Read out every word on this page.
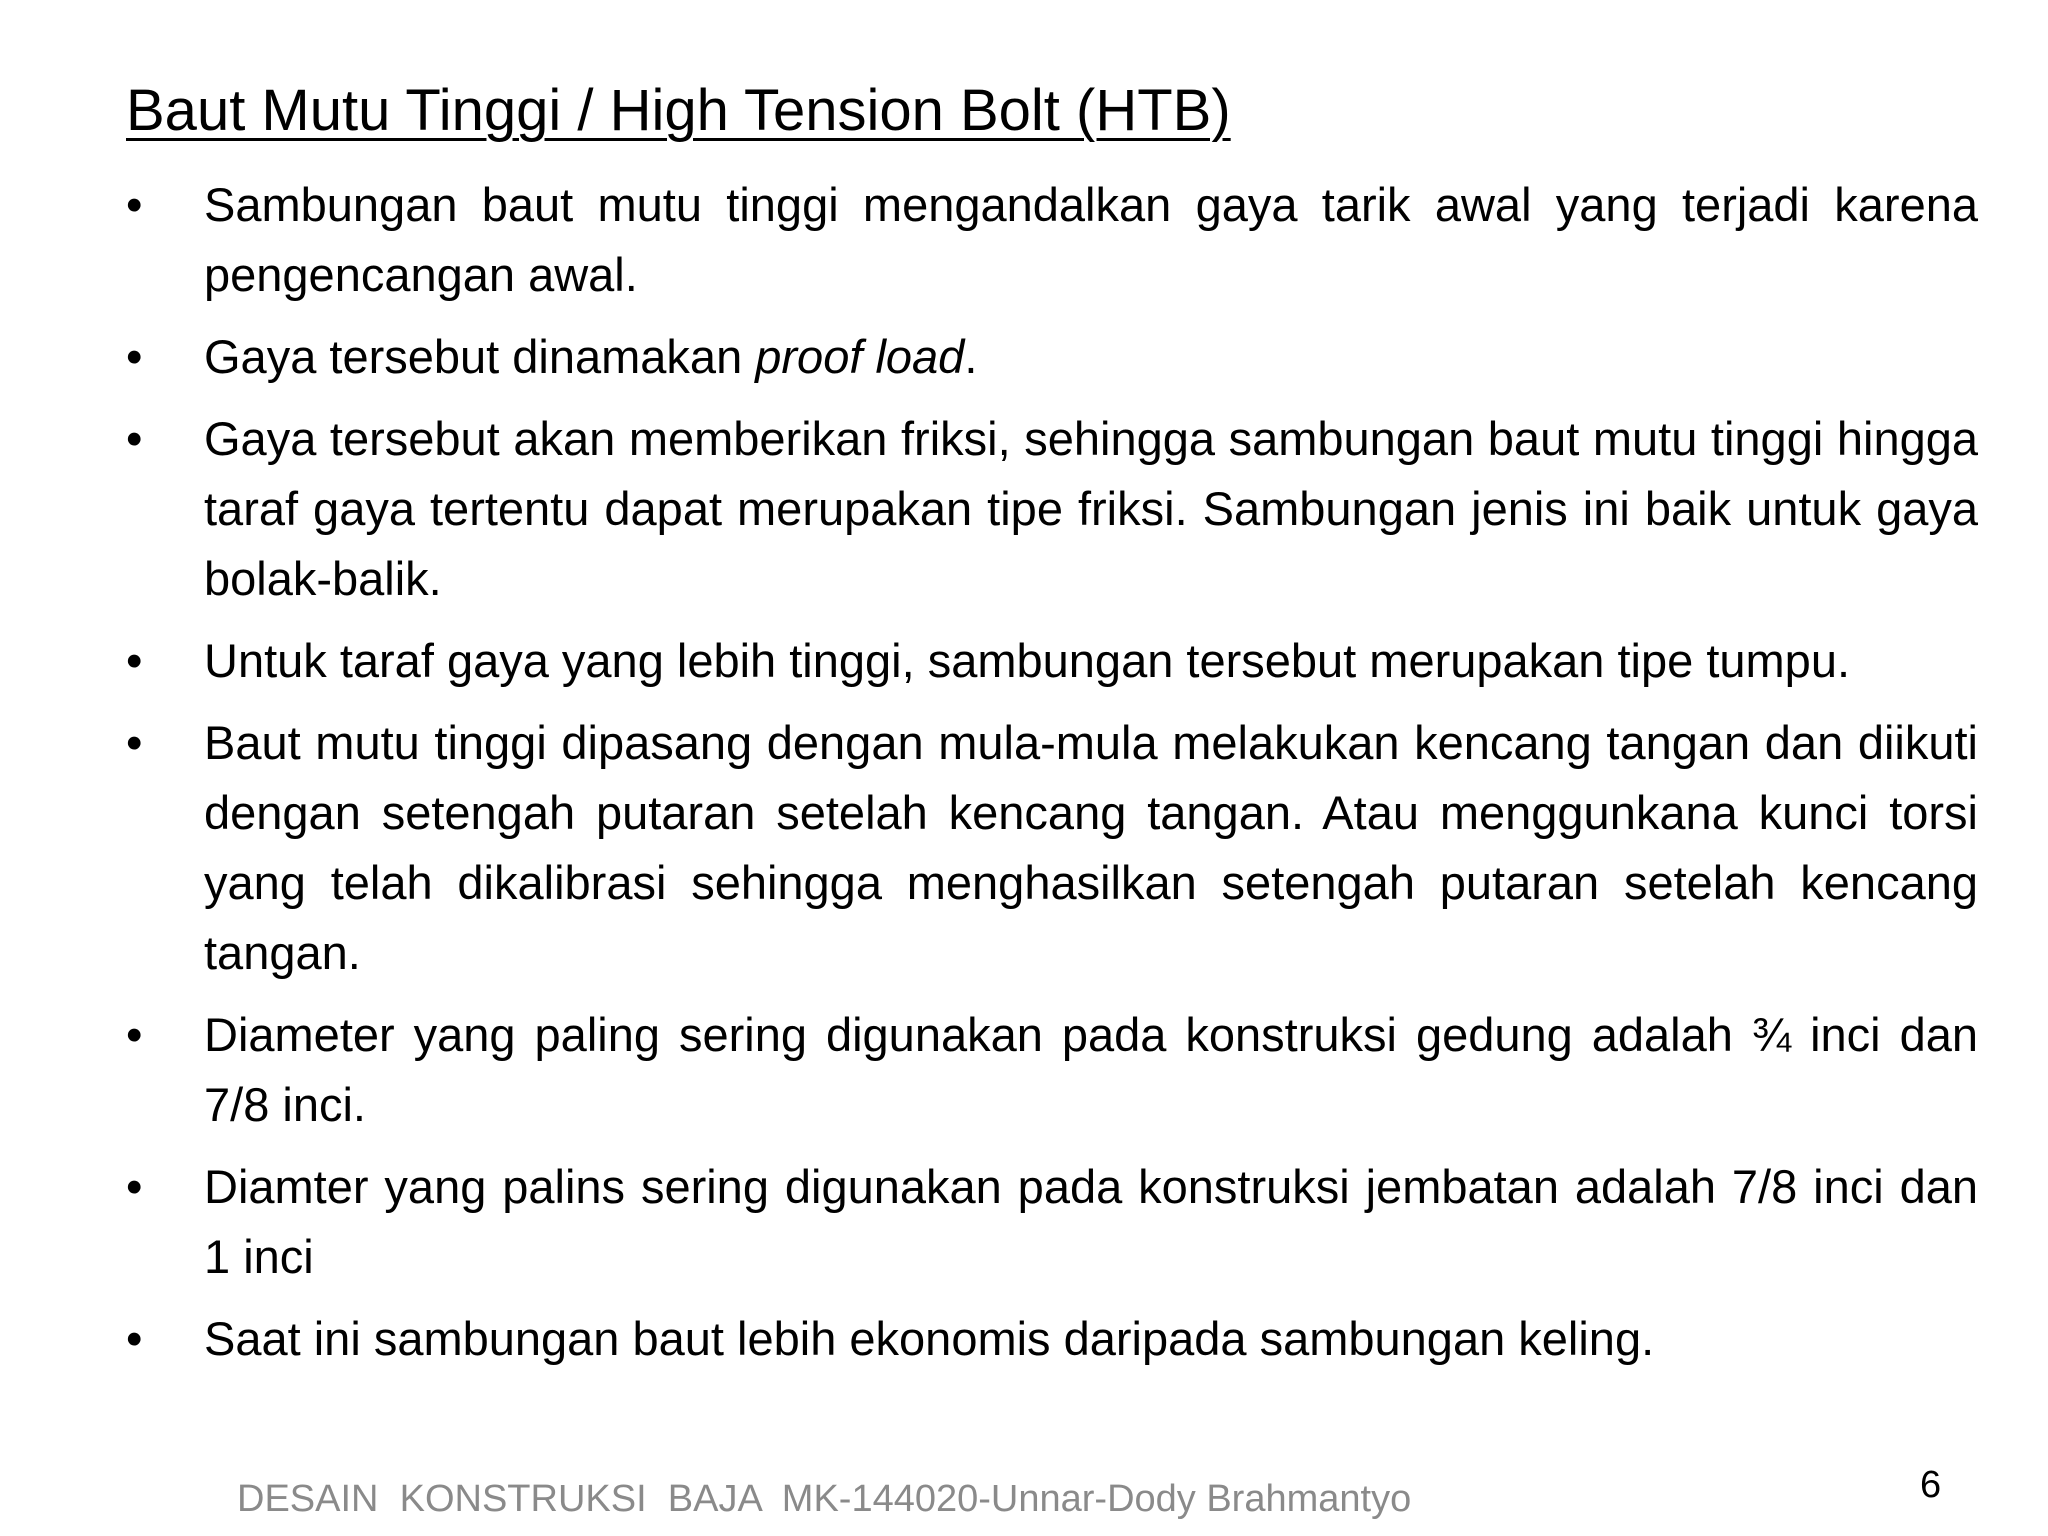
Baut Mutu Tinggi / High Tension Bolt (HTB)
• Sambungan baut mutu tinggi mengandalkan gaya tarik awal yang terjadi karena pengencangan awal.
• Gaya tersebut dinamakan proof load.
• Gaya tersebut akan memberikan friksi, sehingga sambungan baut mutu tinggi hingga taraf gaya tertentu dapat merupakan tipe friksi. Sambungan jenis ini baik untuk gaya bolak-balik.
• Untuk taraf gaya yang lebih tinggi, sambungan tersebut merupakan tipe tumpu.
• Baut mutu tinggi dipasang dengan mula-mula melakukan kencang tangan dan diikuti dengan setengah putaran setelah kencang tangan. Atau menggunkana kunci torsi yang telah dikalibrasi sehingga menghasilkan setengah putaran setelah kencang tangan.
• Diameter yang paling sering digunakan pada konstruksi gedung adalah ¾ inci dan 7/8 inci.
• Diamter yang palins sering digunakan pada konstruksi jembatan adalah 7/8 inci dan 1 inci
• Saat ini sambungan baut lebih ekonomis daripada sambungan keling.
DESAIN  KONSTRUKSI  BAJA  MK-144020-Unnar-Dody Brahmantyo	6
